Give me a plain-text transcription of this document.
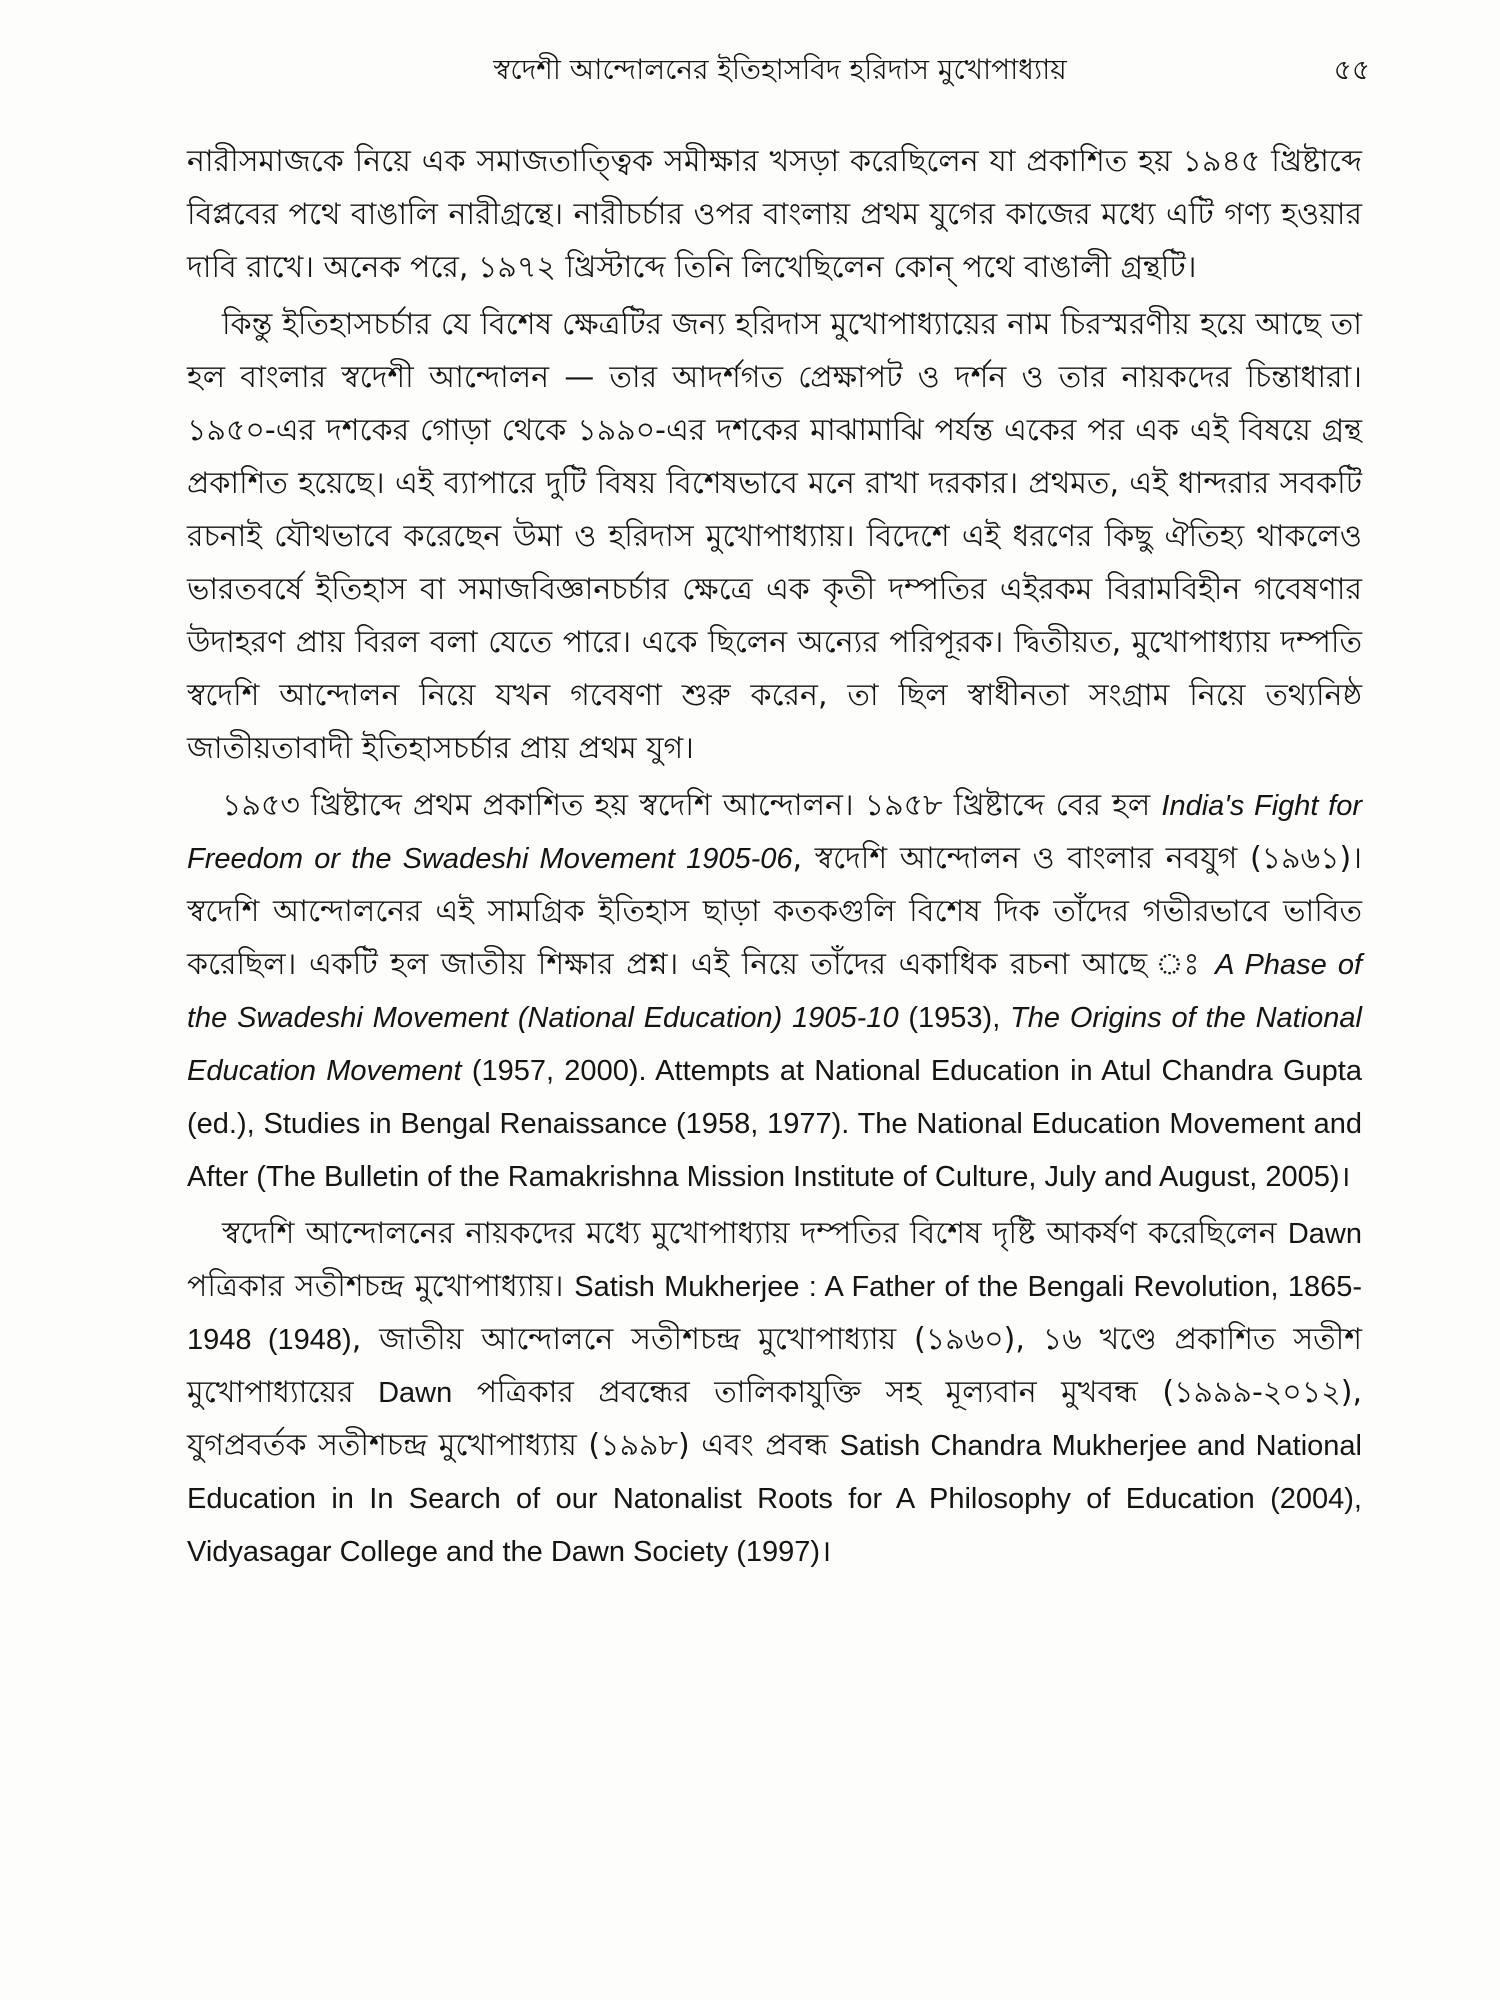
স্বদেশী আন্দোলনের ইতিহাসবিদ হরিদাস মুখোপাধ্যায়	৫৫

নারীসমাজকে নিয়ে এক সমাজতাত্ত্বিক সমীক্ষার খসড়া করেছিলেন যা প্রকাশিত হয় ১৯৪৫ খ্রিষ্টাব্দে বিপ্লবের পথে বাঙালি নারীগ্রন্থে। নারীচর্চার ওপর বাংলায় প্রথম যুগের কাজের মধ্যে এটি গণ্য হওয়ার দাবি রাখে। অনেক পরে, ১৯৭২ খ্রিস্টাব্দে তিনি লিখেছিলেন কোন্ পথে বাঙালী গ্রন্থটি।

কিন্তু ইতিহাসচর্চার যে বিশেষ ক্ষেত্রটির জন্য হরিদাস মুখোপাধ্যায়ের নাম চিরস্মরণীয় হয়ে আছে তা হল বাংলার স্বদেশী আন্দোলন — তার আদর্শগত প্রেক্ষাপট ও দর্শন ও তার নায়কদের চিন্তাধারা। ১৯৫০-এর দশকের গোড়া থেকে ১৯৯০-এর দশকের মাঝামাঝি পর্যন্ত একের পর এক এই বিষয়ে গ্রন্থ প্রকাশিত হয়েছে। এই ব্যাপারে দুটি বিষয় বিশেষভাবে মনে রাখা দরকার। প্রথমত, এই ধান্দরার সবকটি রচনাই যৌথভাবে করেছেন উমা ও হরিদাস মুখোপাধ্যায়। বিদেশে এই ধরণের কিছু ঐতিহ্য থাকলেও ভারতবর্ষে ইতিহাস বা সমাজবিজ্ঞানচর্চার ক্ষেত্রে এক কৃতী দম্পতির এইরকম বিরামবিহীন গবেষণার উদাহরণ প্রায় বিরল বলা যেতে পারে। একে ছিলেন অন্যের পরিপূরক। দ্বিতীয়ত, মুখোপাধ্যায় দম্পতি স্বদেশি আন্দোলন নিয়ে যখন গবেষণা শুরু করেন, তা ছিল স্বাধীনতা সংগ্রাম নিয়ে তথ্যনিষ্ঠ জাতীয়তাবাদী ইতিহাসচর্চার প্রায় প্রথম যুগ।

১৯৫৩ খ্রিষ্টাব্দে প্রথম প্রকাশিত হয় স্বদেশি আন্দোলন। ১৯৫৮ খ্রিষ্টাব্দে বের হল India's Fight for Freedom or the Swadeshi Movement 1905-06, স্বদেশি আন্দোলন ও বাংলার নবযুগ (১৯৬১)। স্বদেশি আন্দোলনের এই সামগ্রিক ইতিহাস ছাড়া কতকগুলি বিশেষ দিক তাঁদের গভীরভাবে ভাবিত করেছিল। একটি হল জাতীয় শিক্ষার প্রশ্ন। এই নিয়ে তাঁদের একাধিক রচনা আছে ঃ A Phase of the Swadeshi Movement (National Education) 1905-10 (1953), The Origins of the National Education Movement (1957, 2000). Attempts at National Education in Atul Chandra Gupta (ed.), Studies in Bengal Renaissance (1958, 1977). The National Education Movement and After (The Bulletin of the Ramakrishna Mission Institute of Culture, July and August, 2005)।

স্বদেশি আন্দোলনের নায়কদের মধ্যে মুখোপাধ্যায় দম্পতির বিশেষ দৃষ্টি আকর্ষণ করেছিলেন Dawn পত্রিকার সতীশচন্দ্র মুখোপাধ্যায়। Satish Mukherjee : A Father of the Bengali Revolution, 1865-1948 (1948), জাতীয় আন্দোলনে সতীশচন্দ্র মুখোপাধ্যায় (১৯৬০), ১৬ খণ্ডে প্রকাশিত সতীশ মুখোপাধ্যায়ের Dawn পত্রিকার প্রবন্ধের তালিকাযুক্তি সহ মূল্যবান মুখবন্ধ (১৯৯৯-২০১২), যুগপ্রবর্তক সতীশচন্দ্র মুখোপাধ্যায় (১৯৯৮) এবং প্রবন্ধ Satish Chandra Mukherjee and National Education in In Search of our Natonalist Roots for A Philosophy of Education (2004), Vidyasagar College and the Dawn Society (1997)।
